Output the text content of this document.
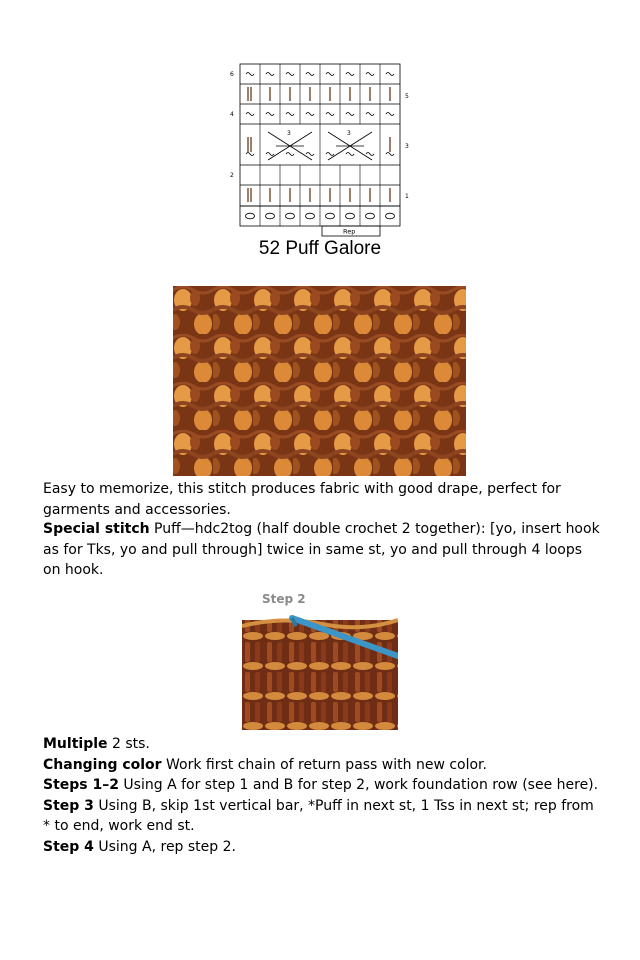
6
4
2
5
3
1
3	3
Rep
52 Puff Galore

Easy to memorize, this stitch produces fabric with good drape, perfect for garments and accessories.

Special stitch Puff—hdc2tog (half double crochet 2 together): [yo, insert hook as for Tks, yo and pull through] twice in same st, yo and pull through 4 loops on hook.

Step 2

Multiple 2 sts.

Changing color Work first chain of return pass with new color.

Steps 1–2 Using A for step 1 and B for step 2, work foundation row (see here).

Step 3 Using B, skip 1st vertical bar, *Puff in next st, 1 Tss in next st; rep from * to end, work end st.

Step 4 Using A, rep step 2.
